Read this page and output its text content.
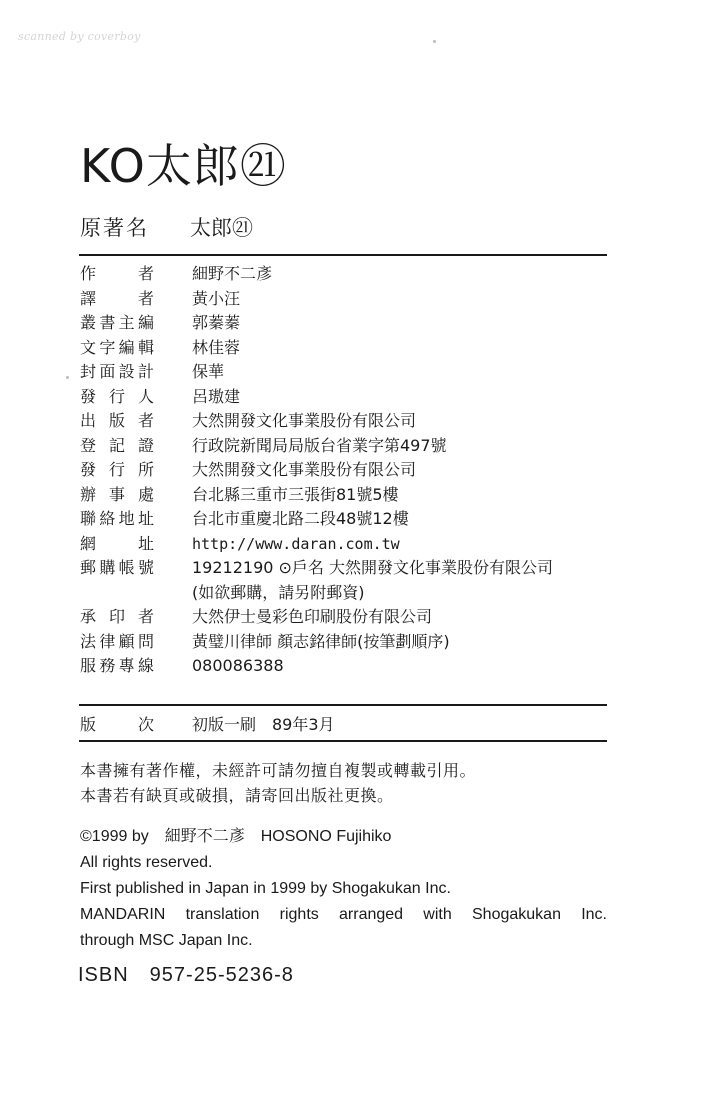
scanned by coverboy
KO太郎㉑
原著名 太郎㉑
作　者	細野不二彥
譯　者	黃小汪
叢書主編	郭蓁蓁
文字編輯	林佳蓉
封面設計	保華
發行人	呂璈建
出版者	大然開發文化事業股份有限公司
登記證	行政院新聞局局版台省業字第497號
發行所	大然開發文化事業股份有限公司
辦事處	台北縣三重市三張街81號5樓
聯絡地址	台北市重慶北路二段48號12樓
網　址	http://www.daran.com.tw
郵購帳號	19212190 ⊙戶名 大然開發文化事業股份有限公司
(如欲郵購，請另附郵資)
承印者	大然伊士曼彩色印刷股份有限公司
法律顧問	黃璧川律師 顏志銘律師(按筆劃順序)
服務專線	080086388
版　次	初版一刷　89年3月
本書擁有著作權，未經許可請勿擅自複製或轉載引用。
本書若有缺頁或破損，請寄回出版社更換。
©1999 by 細野不二彥 HOSONO Fujihiko
All rights reserved.
First published in Japan in 1999 by Shogakukan Inc.
MANDARIN translation rights arranged with Shogakukan Inc.
through MSC Japan Inc.
ISBN　957-25-5236-8
